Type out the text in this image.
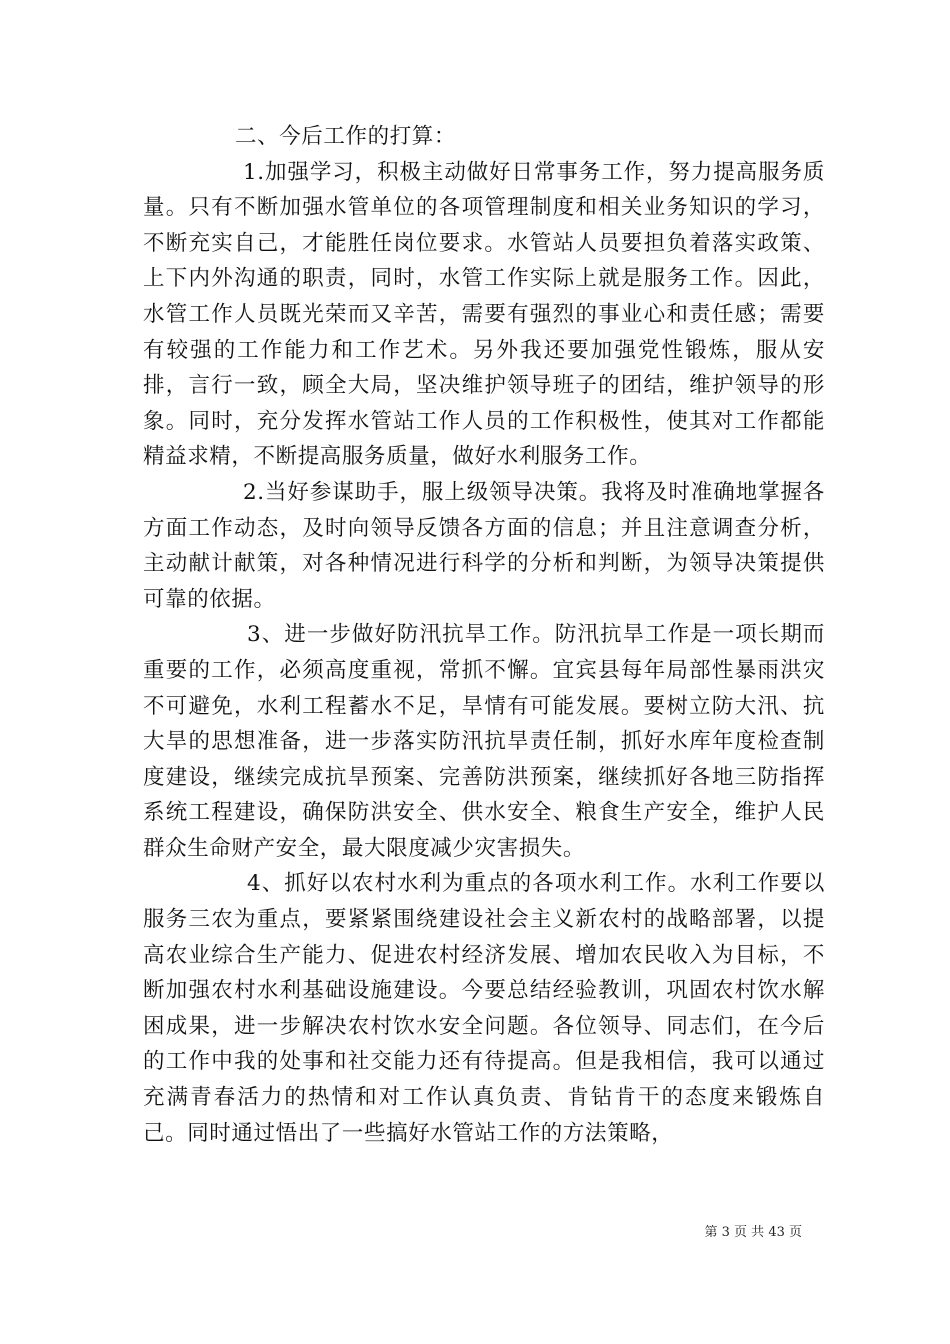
二、今后工作的打算：

1.加强学习，积极主动做好日常事务工作，努力提高服务质量。只有不断加强水管单位的各项管理制度和相关业务知识的学习，不断充实自己，才能胜任岗位要求。水管站人员要担负着落实政策、上下内外沟通的职责，同时，水管工作实际上就是服务工作。因此，水管工作人员既光荣而又辛苦，需要有强烈的事业心和责任感；需要有较强的工作能力和工作艺术。另外我还要加强党性锻炼，服从安排，言行一致，顾全大局，坚决维护领导班子的团结，维护领导的形象。同时，充分发挥水管站工作人员的工作积极性，使其对工作都能精益求精，不断提高服务质量，做好水利服务工作。

2.当好参谋助手，服上级领导决策。我将及时准确地掌握各方面工作动态，及时向领导反馈各方面的信息；并且注意调查分析，主动献计献策，对各种情况进行科学的分析和判断，为领导决策提供可靠的依据。

3、进一步做好防汛抗旱工作。防汛抗旱工作是一项长期而重要的工作，必须高度重视，常抓不懈。宜宾县每年局部性暴雨洪灾不可避免，水利工程蓄水不足，旱情有可能发展。要树立防大汛、抗大旱的思想准备，进一步落实防汛抗旱责任制，抓好水库年度检查制度建设，继续完成抗旱预案、完善防洪预案，继续抓好各地三防指挥系统工程建设，确保防洪安全、供水安全、粮食生产安全，维护人民群众生命财产安全，最大限度减少灾害损失。

4、抓好以农村水利为重点的各项水利工作。水利工作要以服务三农为重点，要紧紧围绕建设社会主义新农村的战略部署，以提高农业综合生产能力、促进农村经济发展、增加农民收入为目标，不断加强农村水利基础设施建设。今要总结经验教训，巩固农村饮水解困成果，进一步解决农村饮水安全问题。各位领导、同志们，在今后的工作中我的处事和社交能力还有待提高。但是我相信，我可以通过充满青春活力的热情和对工作认真负责、肯钻肯干的态度来锻炼自己。同时通过悟出了一些搞好水管站工作的方法策略，

第 3 页 共 43 页
